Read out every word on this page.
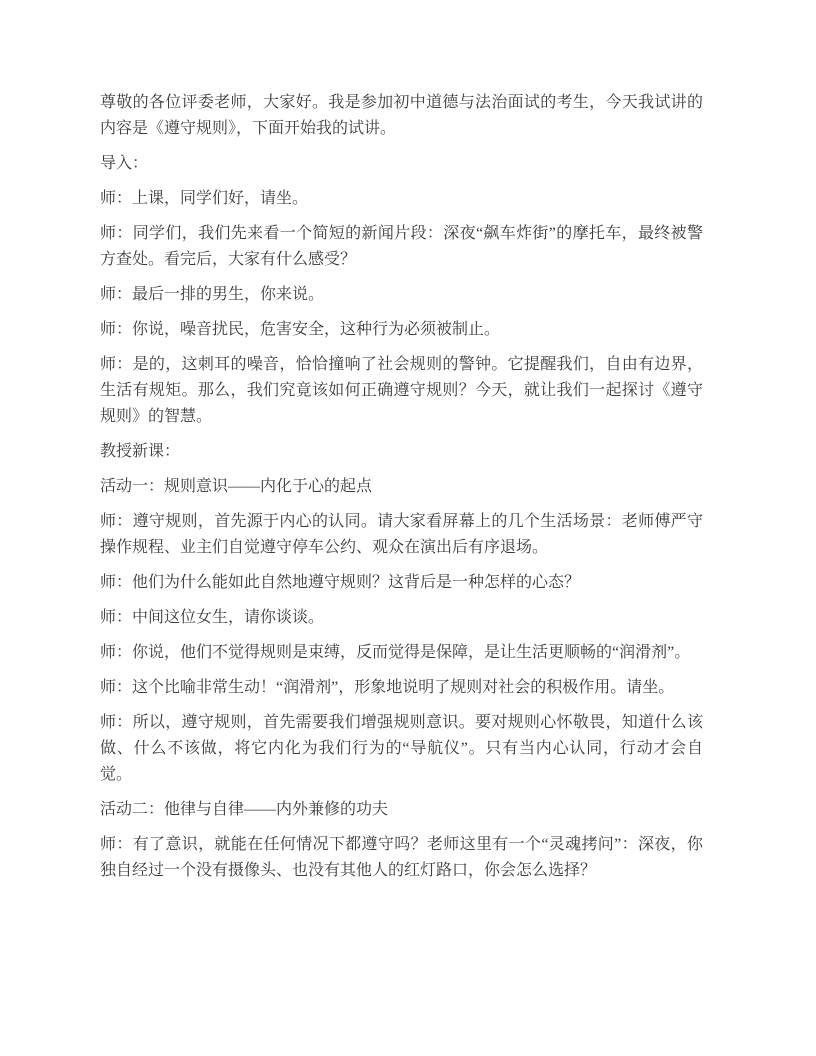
尊敬的各位评委老师，大家好。我是参加初中道德与法治面试的考生，今天我试讲的内容是《遵守规则》，下面开始我的试讲。

导入：

师：上课，同学们好，请坐。

师：同学们，我们先来看一个简短的新闻片段：深夜“飙车炸街”的摩托车，最终被警方查处。看完后，大家有什么感受？

师：最后一排的男生，你来说。

师：你说，噪音扰民，危害安全，这种行为必须被制止。

师：是的，这刺耳的噪音，恰恰撞响了社会规则的警钟。它提醒我们，自由有边界，生活有规矩。那么，我们究竟该如何正确遵守规则？今天，就让我们一起探讨《遵守规则》的智慧。

教授新课：

活动一：规则意识——内化于心的起点

师：遵守规则，首先源于内心的认同。请大家看屏幕上的几个生活场景：老师傅严守操作规程、业主们自觉遵守停车公约、观众在演出后有序退场。

师：他们为什么能如此自然地遵守规则？这背后是一种怎样的心态？

师：中间这位女生，请你谈谈。

师：你说，他们不觉得规则是束缚，反而觉得是保障，是让生活更顺畅的“润滑剂”。

师：这个比喻非常生动！“润滑剂”，形象地说明了规则对社会的积极作用。请坐。

师：所以，遵守规则，首先需要我们增强规则意识。要对规则心怀敬畏，知道什么该做、什么不该做，将它内化为我们行为的“导航仪”。只有当内心认同，行动才会自觉。

活动二：他律与自律——内外兼修的功夫

师：有了意识，就能在任何情况下都遵守吗？老师这里有一个“灵魂拷问”：深夜，你独自经过一个没有摄像头、也没有其他人的红灯路口，你会怎么选择？
